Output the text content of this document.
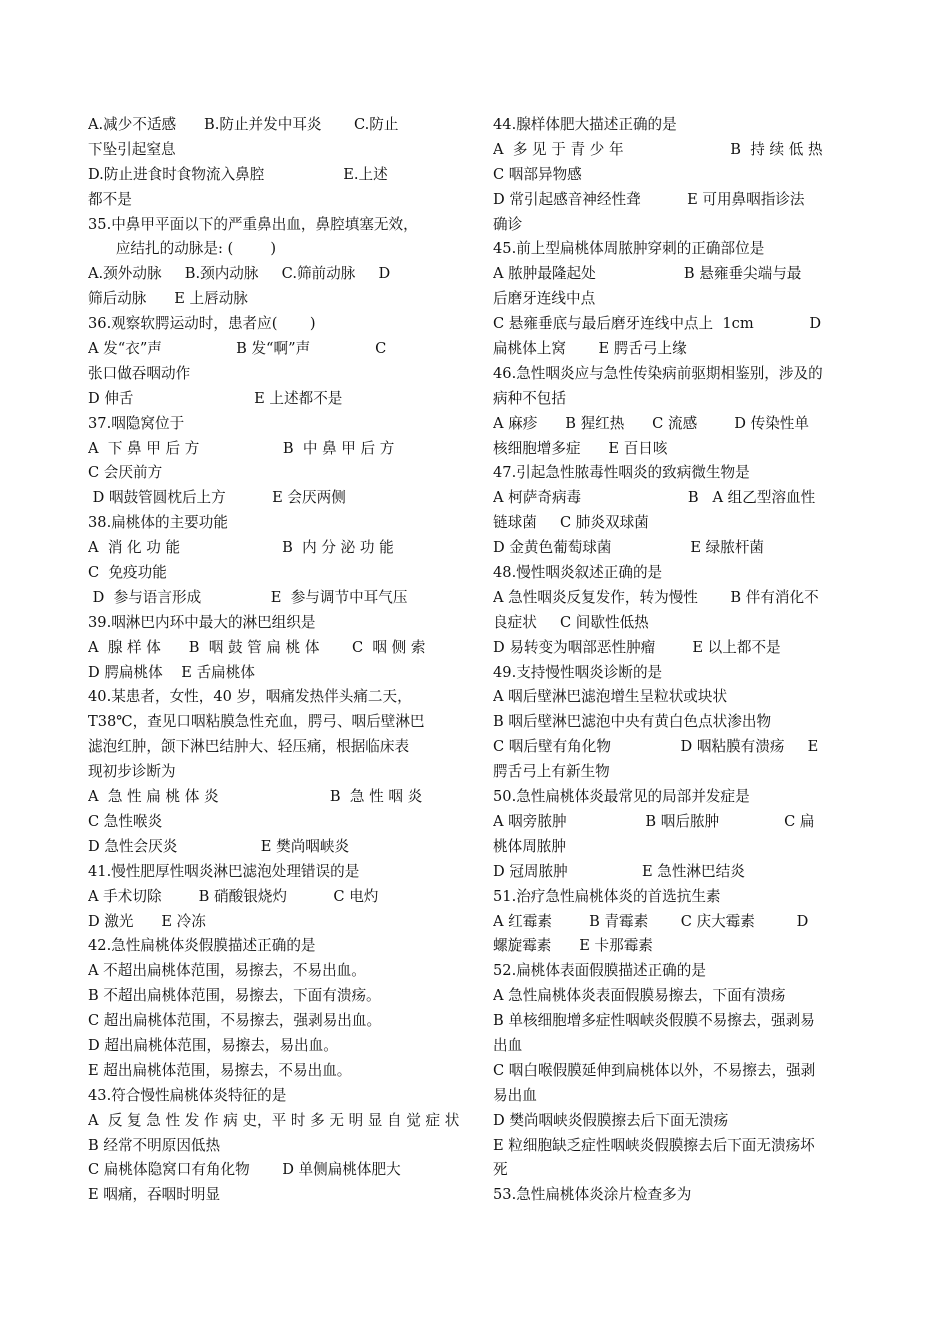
A.减少不适感      B.防止并发中耳炎       C.防止
下坠引起窒息
D.防止进食时食物流入鼻腔                 E.上述
都不是
35.中鼻甲平面以下的严重鼻出血，鼻腔填塞无效，
应结扎的动脉是: (        )
A.颈外动脉     B.颈内动脉     C.筛前动脉     D
筛后动脉      E 上唇动脉
36.观察软腭运动时，患者应(       )
A 发“衣”声                B 发“啊”声              C
张口做吞咽动作
D 伸舌                          E 上述都不是
37.咽隐窝位于
A  下 鼻 甲 后 方                  B  中 鼻 甲 后 方
C 会厌前方
D 咽鼓管圆枕后上方          E 会厌两侧
38.扁桃体的主要功能
A  消 化 功 能                      B  内 分 泌 功 能
C  免疫功能
D  参与语言形成               E  参与调节中耳气压
39.咽淋巴内环中最大的淋巴组织是
A  腺 样 体      B  咽 鼓 管 扁 桃 体       C  咽 侧 索
D 腭扁桃体    E 舌扁桃体
40.某患者，女性，40 岁，咽痛发热伴头痛二天，
T38℃，查见口咽粘膜急性充血，腭弓、咽后壁淋巴
滤泡红肿，颌下淋巴结肿大、轻压痛，根据临床表
现初步诊断为
A  急 性 扁 桃 体 炎                        B  急 性 咽 炎
C 急性喉炎
D 急性会厌炎                  E 樊尚咽峡炎
41.慢性肥厚性咽炎淋巴滤泡处理错误的是
A 手术切除        B 硝酸银烧灼          C 电灼
D 激光      E 冷冻
42.急性扁桃体炎假膜描述正确的是
A 不超出扁桃体范围，易擦去，不易出血。
B 不超出扁桃体范围，易擦去，下面有溃疡。
C 超出扁桃体范围，不易擦去，强剥易出血。
D 超出扁桃体范围，易擦去，易出血。
E 超出扁桃体范围，易擦去，不易出血。
43.符合慢性扁桃体炎特征的是
A  反 复 急 性 发 作 病 史，平 时 多 无 明 显 自 觉 症 状
B 经常不明原因低热
C 扁桃体隐窝口有角化物       D 单侧扁桃体肥大
E 咽痛，吞咽时明显
44.腺样体肥大描述正确的是
A  多 见 于 青 少 年                       B  持 续 低 热
C 咽部异物感
D 常引起感音神经性聋          E 可用鼻咽指诊法
确诊
45.前上型扁桃体周脓肿穿刺的正确部位是
A 脓肿最隆起处                   B 悬雍垂尖端与最
后磨牙连线中点
C 悬雍垂底与最后磨牙连线中点上  1cm            D
扁桃体上窝       E 腭舌弓上缘
46.急性咽炎应与急性传染病前驱期相鉴别，涉及的
病种不包括
A 麻疹      B 猩红热      C 流感        D 传染性单
核细胞增多症      E 百日咳
47.引起急性脓毒性咽炎的致病微生物是
A 柯萨奇病毒                       B   A 组乙型溶血性
链球菌     C 肺炎双球菌
D 金黄色葡萄球菌                 E 绿脓杆菌
48.慢性咽炎叙述正确的是
A 急性咽炎反复发作，转为慢性       B 伴有消化不
良症状     C 间歇性低热
D 易转变为咽部恶性肿瘤        E 以上都不是
49.支持慢性咽炎诊断的是
A 咽后壁淋巴滤泡增生呈粒状或块状
B 咽后壁淋巴滤泡中央有黄白色点状渗出物
C 咽后壁有角化物               D 咽粘膜有溃疡     E
腭舌弓上有新生物
50.急性扁桃体炎最常见的局部并发症是
A 咽旁脓肿                 B 咽后脓肿              C 扁
桃体周脓肿
D 冠周脓肿                E 急性淋巴结炎
51.治疗急性扁桃体炎的首选抗生素
A 红霉素        B 青霉素       C 庆大霉素         D
螺旋霉素      E 卡那霉素
52.扁桃体表面假膜描述正确的是
A 急性扁桃体炎表面假膜易擦去，下面有溃疡
B 单核细胞增多症性咽峡炎假膜不易擦去，强剥易
出血
C 咽白喉假膜延伸到扁桃体以外，不易擦去，强剥
易出血
D 樊尚咽峡炎假膜擦去后下面无溃疡
E 粒细胞缺乏症性咽峡炎假膜擦去后下面无溃疡坏
死
53.急性扁桃体炎涂片检查多为
